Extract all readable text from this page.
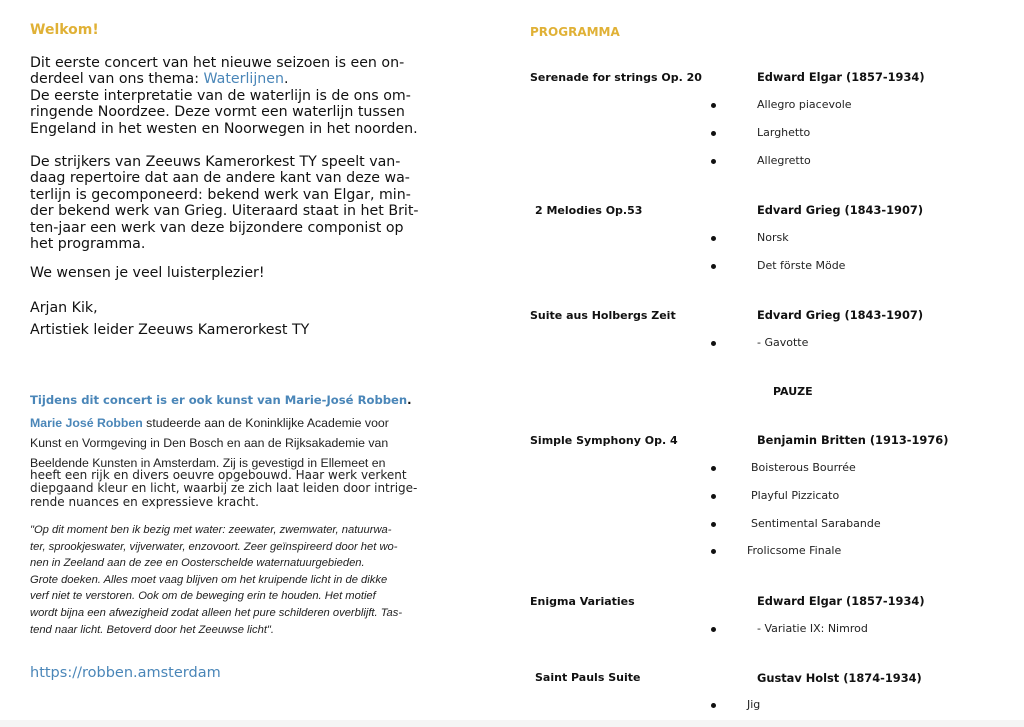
Welkom!
Dit eerste concert van het nieuwe seizoen is een on-
derdeel van ons thema: Waterlijnen.
De eerste interpretatie van de waterlijn is de ons om-
ringende Noordzee. Deze vormt een waterlijn tussen
Engeland in het westen en Noorwegen in het noorden.
De strijkers van Zeeuws Kamerorkest TY speelt van-
daag repertoire dat aan de andere kant van deze wa-
terlijn is gecomponeerd: bekend werk van Elgar, min-
der bekend werk van Grieg. Uiteraard staat in het Brit-
ten-jaar een werk van deze bijzondere componist op
het programma.
We wensen je veel luisterplezier!
Arjan Kik,
Artistiek leider Zeeuws Kamerorkest TY
Tijdens dit concert is er ook kunst van Marie-José Robben.
Marie José Robben studeerde aan de Koninklijke Academie voor
Kunst en Vormgeving in Den Bosch en aan de Rijksakademie van
Beeldende Kunsten in Amsterdam. Zij is gevestigd in Ellemeet en
heeft een rijk en divers oeuvre opgebouwd. Haar werk verkent
diepgaand kleur en licht, waarbij ze zich laat leiden door intrige-
rende nuances en expressieve kracht.
"Op dit moment ben ik bezig met water: zeewater, zwemwater, natuurwa-
ter, sprookjeswater, vijverwater, enzovoort. Zeer geïnspireerd door het wo-
nen in Zeeland aan de zee en Oosterschelde waternatuurgebieden.
Grote doeken. Alles moet vaag blijven om het kruipende licht in de dikke
verf niet te verstoren. Ook om de beweging erin te houden. Het motief
wordt bijna een afwezigheid zodat alleen het pure schilderen overblijft. Tas-
tend naar licht. Betoverd door het Zeeuwse licht".
https://robben.amsterdam
PROGRAMMA
Serenade for strings Op. 20	Edward Elgar (1857-1934)
Allegro piacevole
Larghetto
Allegretto
2 Melodies Op.53	Edvard Grieg (1843-1907)
Norsk
Det förste Möde
Suite aus Holbergs Zeit	Edvard Grieg (1843-1907)
- Gavotte
PAUZE
Simple Symphony Op. 4	Benjamin Britten (1913-1976)
Boisterous Bourrée
Playful Pizzicato
Sentimental Sarabande
Frolicsome Finale
Enigma Variaties	Edward Elgar (1857-1934)
- Variatie IX: Nimrod
Saint Pauls Suite	Gustav Holst (1874-1934)
Jig
